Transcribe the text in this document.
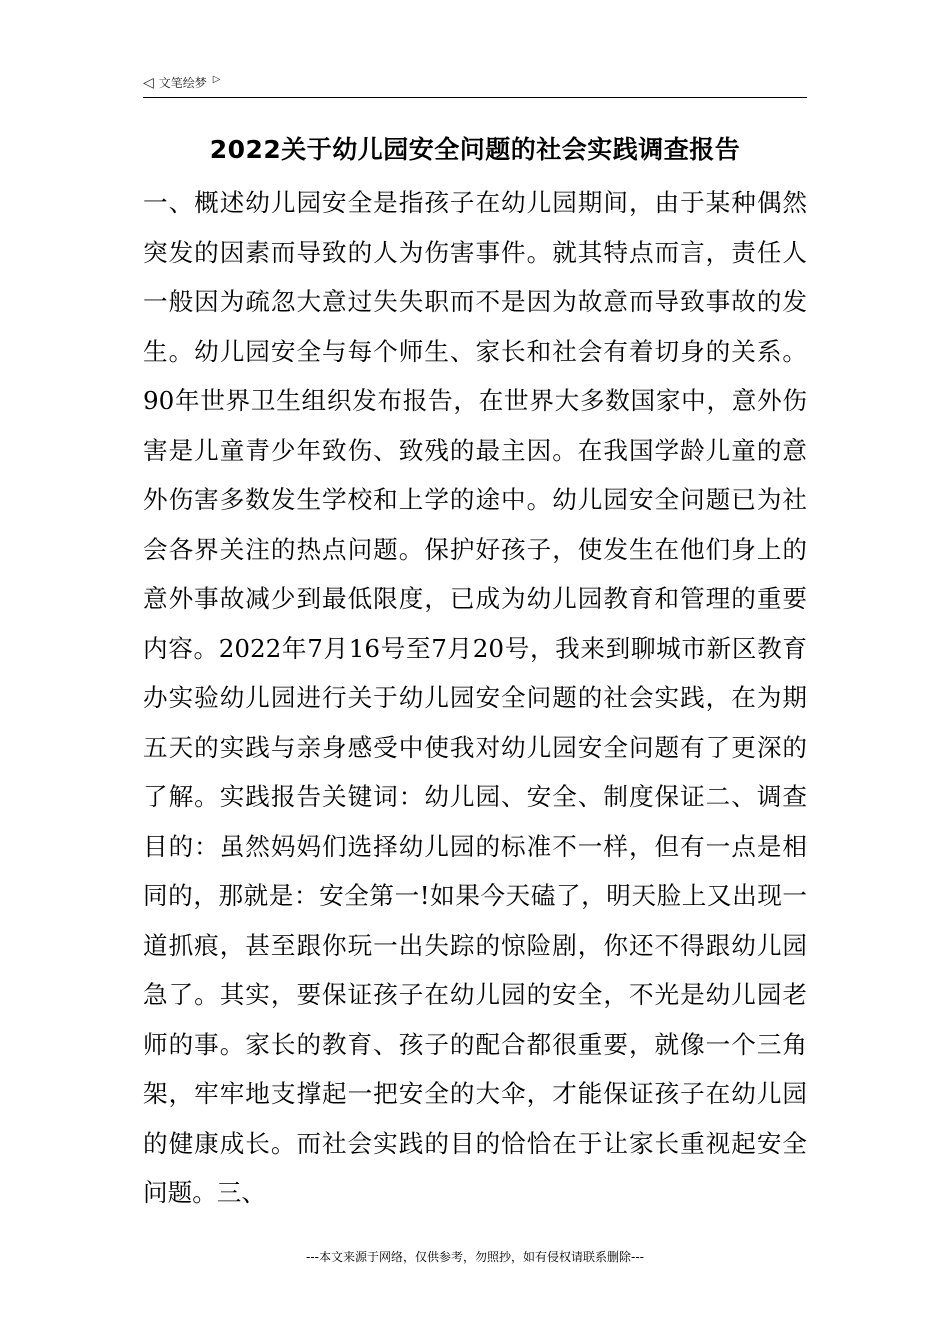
◁ 文笔绘梦 ▷
2022关于幼儿园安全问题的社会实践调查报告

一、概述幼儿园安全是指孩子在幼儿园期间，由于某种偶然突发的因素而导致的人为伤害事件。就其特点而言，责任人一般因为疏忽大意过失失职而不是因为故意而导致事故的发生。幼儿园安全与每个师生、家长和社会有着切身的关系。90年世界卫生组织发布报告，在世界大多数国家中，意外伤害是儿童青少年致伤、致残的最主因。在我国学龄儿童的意外伤害多数发生学校和上学的途中。幼儿园安全问题已为社会各界关注的热点问题。保护好孩子，使发生在他们身上的意外事故减少到最低限度，已成为幼儿园教育和管理的重要内容。2022年7月16号至7月20号，我来到聊城市新区教育办实验幼儿园进行关于幼儿园安全问题的社会实践，在为期五天的实践与亲身感受中使我对幼儿园安全问题有了更深的了解。实践报告关键词：幼儿园、安全、制度保证二、调查目的：虽然妈妈们选择幼儿园的标准不一样，但有一点是相同的，那就是：安全第一!如果今天磕了，明天脸上又出现一道抓痕，甚至跟你玩一出失踪的惊险剧，你还不得跟幼儿园急了。其实，要保证孩子在幼儿园的安全，不光是幼儿园老师的事。家长的教育、孩子的配合都很重要，就像一个三角架，牢牢地支撑起一把安全的大伞，才能保证孩子在幼儿园的健康成长。而社会实践的目的恰恰在于让家长重视起安全问题。三、

---本文来源于网络，仅供参考，勿照抄，如有侵权请联系删除---
